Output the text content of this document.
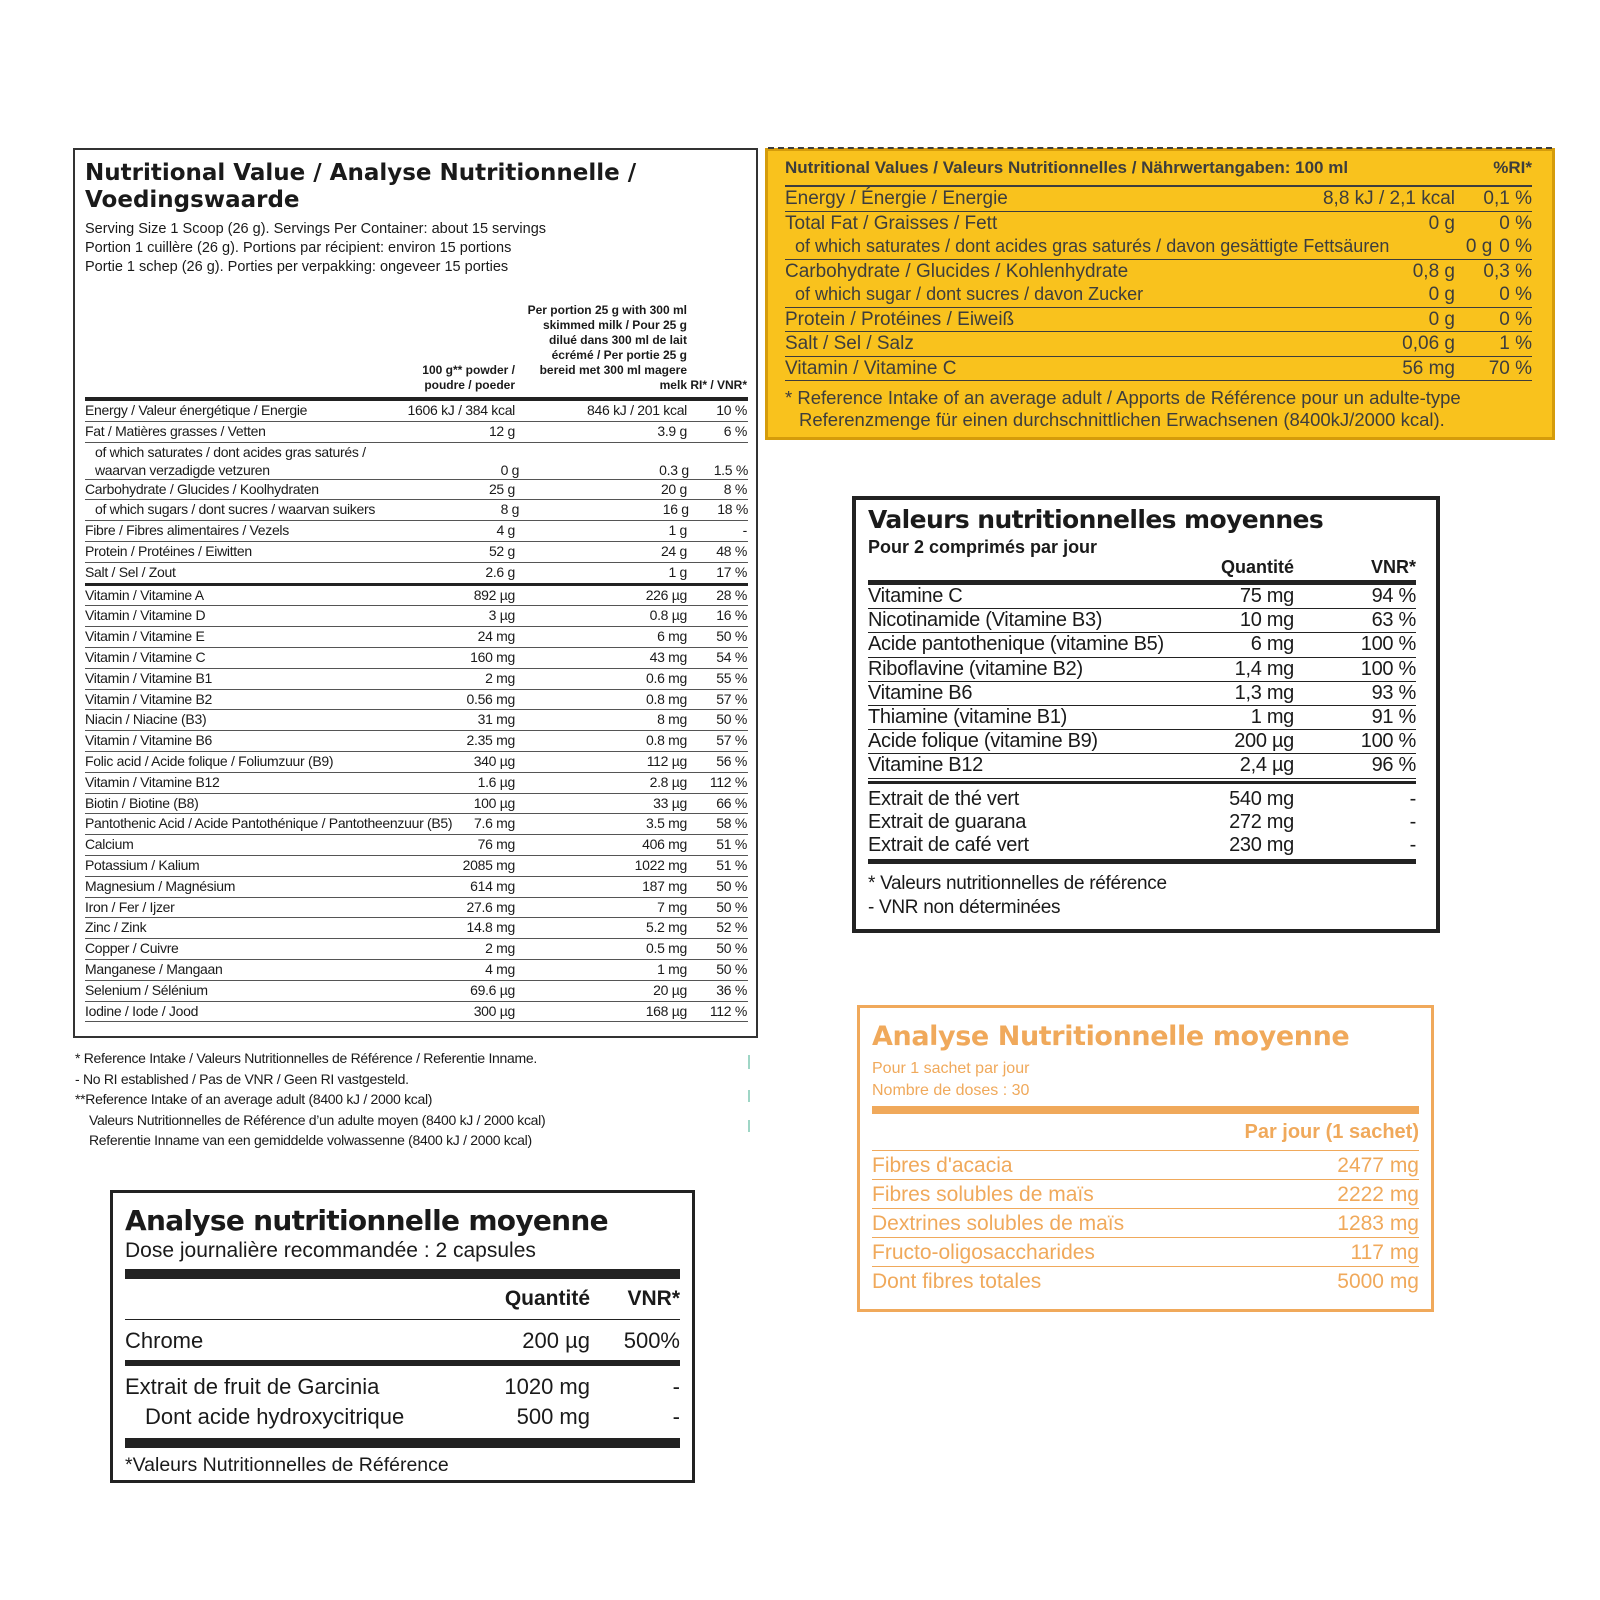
Nutritional Value / Analyse Nutritionnelle / Voedingswaarde
Serving Size 1 Scoop (26 g). Servings Per Container: about 15 servings
Portion 1 cuillère (26 g). Portions par récipient: environ 15 portions
Portie 1 schep (26 g). Porties per verpakking: ongeveer 15 porties
100 g** powder / poudre / poeder
Per portion 25 g with 300 ml skimmed milk / Pour 25 g dilué dans 300 ml de lait écrémé / Per portie 25 g bereid met 300 ml magere melk RI* / VNR*
Energy / Valeur énergétique / Energie	1606 kJ / 384 kcal	846 kJ / 201 kcal	10 %
Fat / Matières grasses / Vetten	12 g	3.9 g	6 %
of which saturates / dont acides gras saturés / waarvan verzadigde vetzuren	0 g	0.3 g	1.5 %
Carbohydrate / Glucides / Koolhydraten	25 g	20 g	8 %
of which sugars / dont sucres / waarvan suikers	8 g	16 g	18 %
Fibre / Fibres alimentaires / Vezels	4 g	1 g	-
Protein / Protéines / Eiwitten	52 g	24 g	48 %
Salt / Sel / Zout	2.6 g	1 g	17 %
Vitamin / Vitamine A	892 µg	226 µg	28 %
Vitamin / Vitamine D	3 µg	0.8 µg	16 %
Vitamin / Vitamine E	24 mg	6 mg	50 %
Vitamin / Vitamine C	160 mg	43 mg	54 %
Vitamin / Vitamine B1	2 mg	0.6 mg	55 %
Vitamin / Vitamine B2	0.56 mg	0.8 mg	57 %
Niacin / Niacine (B3)	31 mg	8 mg	50 %
Vitamin / Vitamine B6	2.35 mg	0.8 mg	57 %
Folic acid / Acide folique / Foliumzuur (B9)	340 µg	112 µg	56 %
Vitamin / Vitamine B12	1.6 µg	2.8 µg	112 %
Biotin / Biotine (B8)	100 µg	33 µg	66 %
Pantothenic Acid / Acide Pantothénique / Pantotheenzuur (B5)	7.6 mg	3.5 mg	58 %
Calcium	76 mg	406 mg	51 %
Potassium / Kalium	2085 mg	1022 mg	51 %
Magnesium / Magnésium	614 mg	187 mg	50 %
Iron / Fer / Ijzer	27.6 mg	7 mg	50 %
Zinc / Zink	14.8 mg	5.2 mg	52 %
Copper / Cuivre	2 mg	0.5 mg	50 %
Manganese / Mangaan	4 mg	1 mg	50 %
Selenium / Sélénium	69.6 µg	20 µg	36 %
Iodine / Iode / Jood	300 µg	168 µg	112 %
* Reference Intake / Valeurs Nutritionnelles de Référence / Referentie Inname.
- No RI established / Pas de VNR / Geen RI vastgesteld.
**Reference Intake of an average adult (8400 kJ / 2000 kcal)
Valeurs Nutritionnelles de Référence d’un adulte moyen (8400 kJ / 2000 kcal)
Referentie Inname van een gemiddelde volwassenne (8400 kJ / 2000 kcal)
Nutritional Values / Valeurs Nutritionnelles / Nährwertangaben: 100 ml	%RI*
Energy / Énergie / Energie	8,8 kJ / 2,1 kcal	0,1 %
Total Fat / Graisses / Fett	0 g	0 %
of which saturates / dont acides gras saturés / davon gesättigte Fettsäuren	0 g 0 %
Carbohydrate / Glucides / Kohlenhydrate	0,8 g	0,3 %
of which sugar / dont sucres / davon Zucker	0 g	0 %
Protein / Protéines / Eiweiß	0 g	0 %
Salt / Sel / Salz	0,06 g	1 %
Vitamin / Vitamine C	56 mg	70 %
* Reference Intake of an average adult / Apports de Référence pour un adulte-type
Referenzmenge für einen durchschnittlichen Erwachsenen (8400kJ/2000 kcal).
Valeurs nutritionnelles moyennes
Pour 2 comprimés par jour
Quantité	VNR*
Vitamine C	75 mg	94 %
Nicotinamide (Vitamine B3)	10 mg	63 %
Acide pantothenique (vitamine B5)	6 mg	100 %
Riboflavine (vitamine B2)	1,4 mg	100 %
Vitamine B6	1,3 mg	93 %
Thiamine (vitamine B1)	1 mg	91 %
Acide folique (vitamine B9)	200 µg	100 %
Vitamine B12	2,4 µg	96 %
Extrait de thé vert	540 mg	-
Extrait de guarana	272 mg	-
Extrait de café vert	230 mg	-
* Valeurs nutritionnelles de référence
- VNR non déterminées
Analyse Nutritionnelle moyenne
Pour 1 sachet par jour
Nombre de doses : 30
Par jour (1 sachet)
Fibres d'acacia	2477 mg
Fibres solubles de maïs	2222 mg
Dextrines solubles de maïs	1283 mg
Fructo-oligosaccharides	117 mg
Dont fibres totales	5000 mg
Analyse nutritionnelle moyenne
Dose journalière recommandée : 2 capsules
Quantité	VNR*
Chrome	200 µg	500%
Extrait de fruit de Garcinia	1020 mg	-
Dont acide hydroxycitrique	500 mg	-
*Valeurs Nutritionnelles de Référence
